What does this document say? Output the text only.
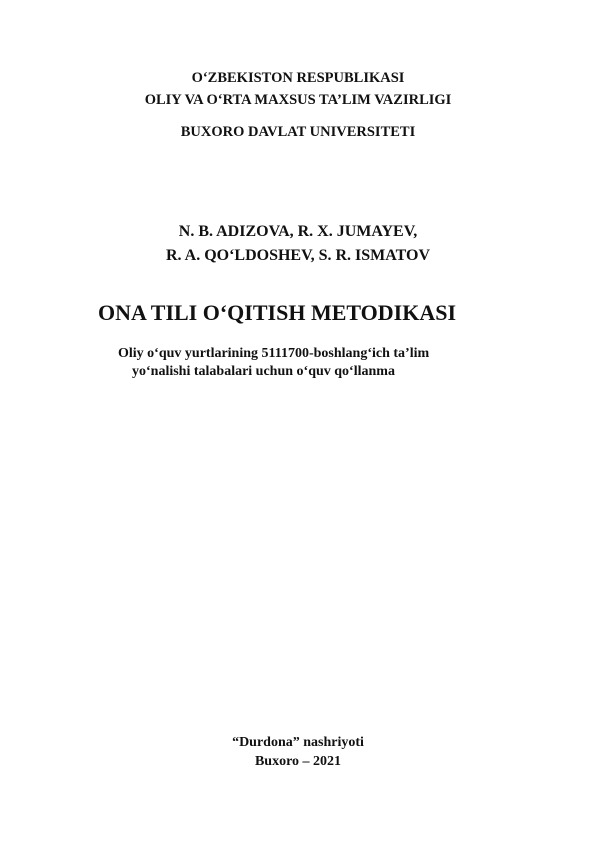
O‘ZBEKISTON RESPUBLIKASI
OLIY VA O‘RTA MAXSUS TA’LIM VAZIRLIGI
BUXORO DAVLAT UNIVERSITETI
N. B. ADIZOVA, R. X. JUMAYEV,
R. A. QO‘LDOSHEV, S. R. ISMATOV
ONA TILI O‘QITISH METODIKASI
Oliy o‘quv yurtlarining 5111700-boshlang‘ich ta’lim
yo‘nalishi talabalari uchun o‘quv qo‘llanma
“Durdona” nashriyoti
Buxoro – 2021
